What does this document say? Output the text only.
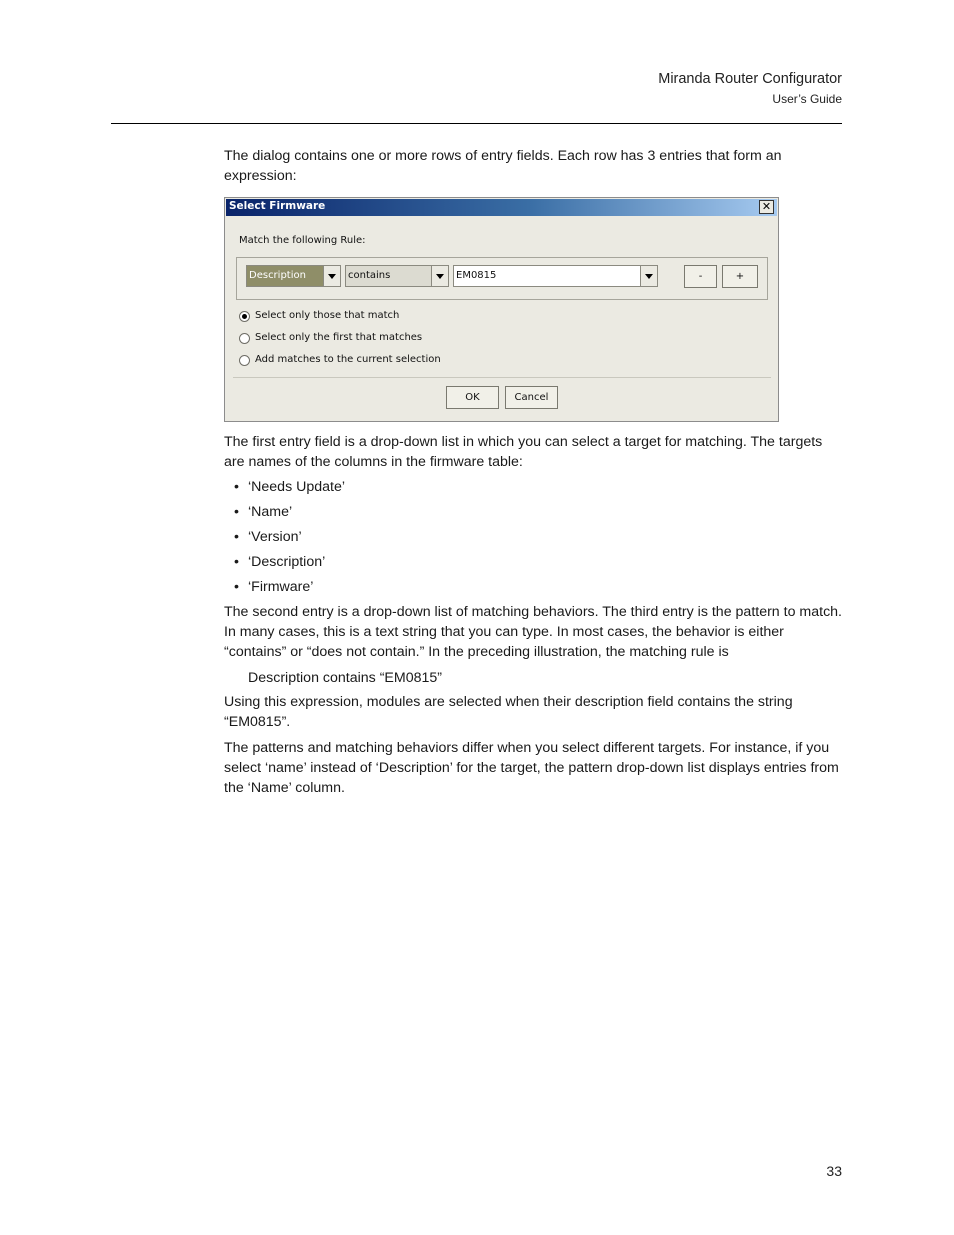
Miranda Router Configurator
User’s Guide
The dialog contains one or more rows of entry fields. Each row has 3 entries that form an expression:
Select Firmware	✕
Match the following Rule:
Description	contains	EM0815	-	+
Select only those that match
Select only the first that matches
Add matches to the current selection
OK	Cancel
The first entry field is a drop-down list in which you can select a target for matching. The targets are names of the columns in the firmware table:
• ‘Needs Update’
• ‘Name’
• ‘Version’
• ‘Description’
• ‘Firmware’
The second entry is a drop-down list of matching behaviors. The third entry is the pattern to match. In many cases, this is a text string that you can type. In most cases, the behavior is either “contains” or “does not contain.” In the preceding illustration, the matching rule is
Description contains “EM0815”
Using this expression, modules are selected when their description field contains the string “EM0815”.
The patterns and matching behaviors differ when you select different targets. For instance, if you select ‘name’ instead of ‘Description’ for the target, the pattern drop-down list displays entries from the ‘Name’ column.
33
